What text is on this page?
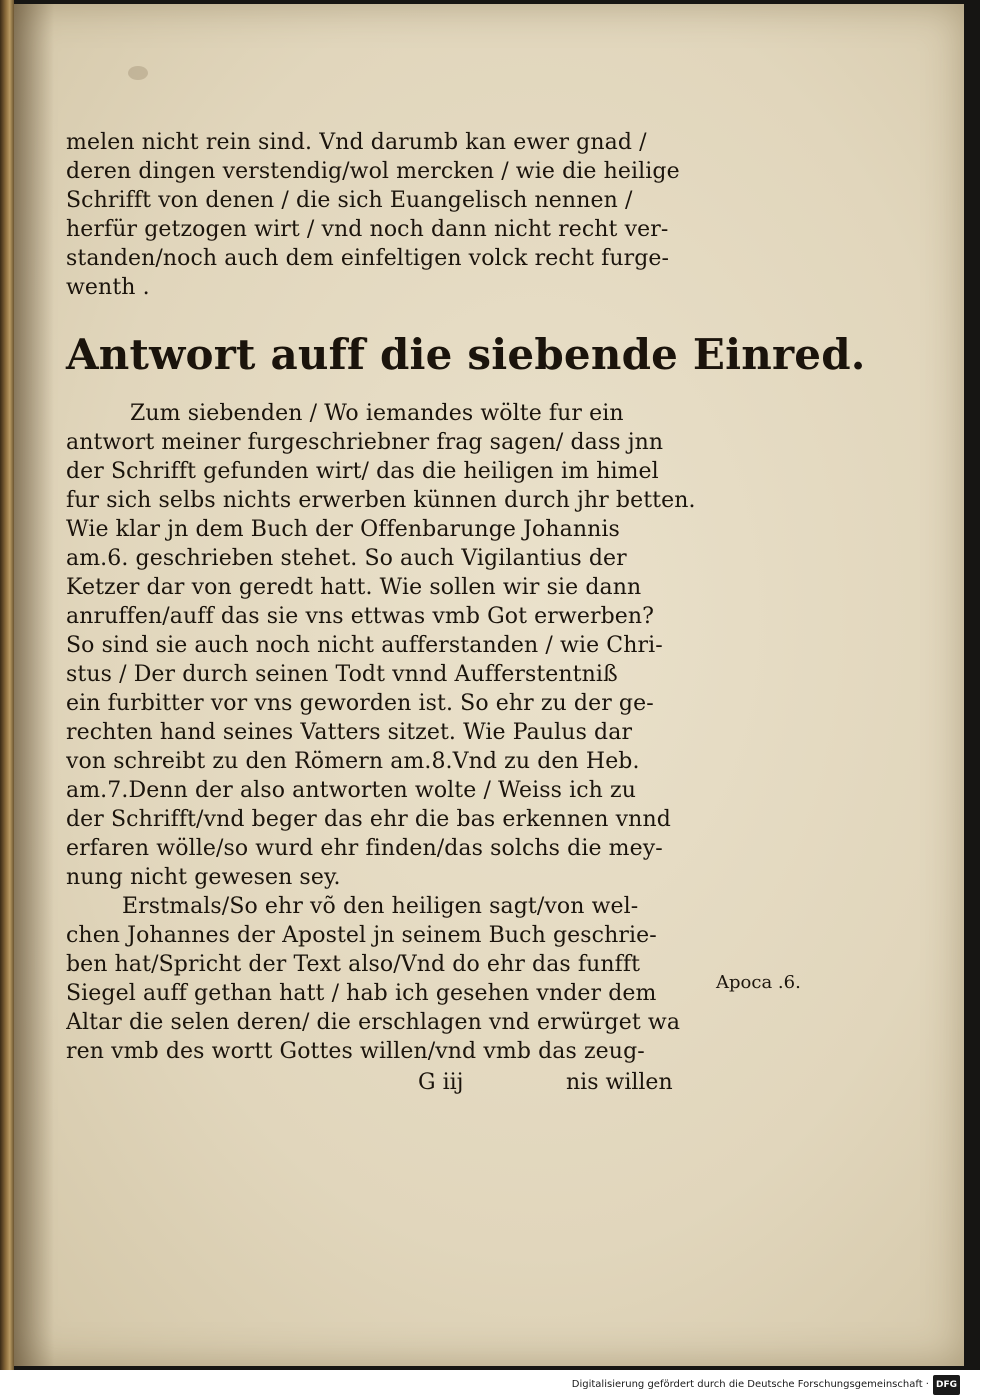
melen nicht rein sind. Vnd darumb kan ewer gnad /
deren dingen verstendig/wol mercken / wie die heilige
Schrifft von denen / die sich Euangelisch nennen /
herfür getzogen wirt / vnd noch dann nicht recht ver‑
standen/noch auch dem einfeltigen volck recht furge‑
wenth .
Antwort auff die siebende Einred.
Zum siebenden / Wo iemandes wölte fur ein
antwort meiner furgeschriebner frag sagen/ dass jnn
der Schrifft gefunden wirt/ das die heiligen im himel
fur sich selbs nichts erwerben künnen durch jhr betten.
Wie klar jn dem Buch der Offenbarunge Johannis
am.6. geschrieben stehet. So auch Vigilantius der
Ketzer dar von geredt hatt. Wie sollen wir sie dann
anruffen/auff das sie vns ettwas vmb Got erwerben?
So sind sie auch noch nicht aufferstanden / wie Chri‑
stus / Der durch seinen Todt vnnd Aufferstentniß
ein furbitter vor vns geworden ist. So ehr zu der ge‑
rechten hand seines Vatters sitzet. Wie Paulus dar
von schreibt zu den Römern am.8.Vnd zu den Heb.
am.7.Denn der also antworten wolte / Weiss ich zu
der Schrifft/vnd beger das ehr die bas erkennen vnnd
erfaren wölle/so wurd ehr finden/das solchs die mey‑
nung nicht gewesen sey.
Erstmals/So ehr võ den heiligen sagt/von wel‑
chen Johannes der Apostel jn seinem Buch geschrie‑
ben hat/Spricht der Text also/Vnd do ehr das funfft
Siegel auff gethan hatt / hab ich gesehen vnder dem
Altar die selen deren/ die erschlagen vnd erwürget wa
ren vmb des wortt Gottes willen/vnd vmb das zeug‑
G iij	nis willen
Apoca .6.
Digitalisierung gefördert durch die Deutsche Forschungsgemeinschaft · DFG
